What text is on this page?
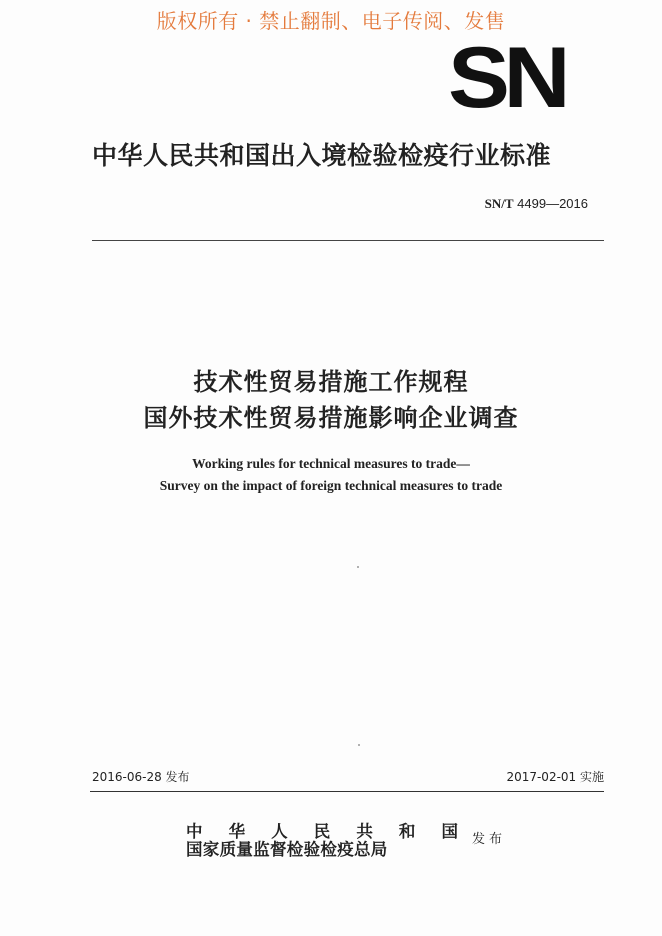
版权所有 · 禁止翻制、电子传阅、发售
SN
中华人民共和国出入境检验检疫行业标准
SN/T 4499—2016
技术性贸易措施工作规程
国外技术性贸易措施影响企业调查
Working rules for technical measures to trade—
Survey on the impact of foreign technical measures to trade
2016-06-28 发布	2017-02-01 实施
中 华 人 民 共 和 国
国家质量监督检验检疫总局
发布
